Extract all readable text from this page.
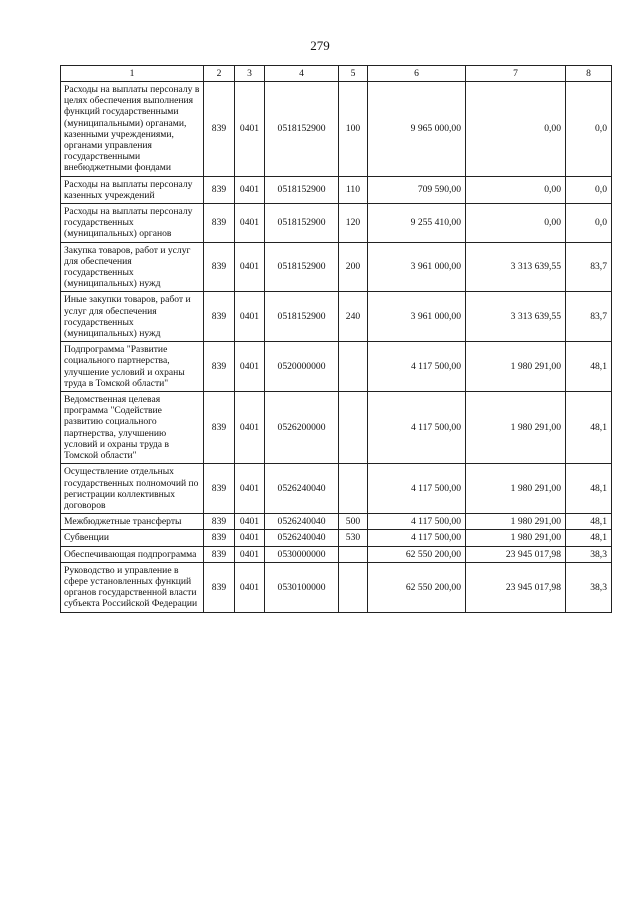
279
1	2	3	4	5	6	7	8
Расходы на выплаты персоналу в целях обеспечения выполнения функций государственными (муниципальными) органами, казенными учреждениями, органами управления государственными внебюджетными фондами	839	0401	0518152900	100	9 965 000,00	0,00	0,0
Расходы на выплаты персоналу казенных учреждений	839	0401	0518152900	110	709 590,00	0,00	0,0
Расходы на выплаты персоналу государственных (муниципальных) органов	839	0401	0518152900	120	9 255 410,00	0,00	0,0
Закупка товаров, работ и услуг для обеспечения государственных (муниципальных) нужд	839	0401	0518152900	200	3 961 000,00	3 313 639,55	83,7
Иные закупки товаров, работ и услуг для обеспечения государственных (муниципальных) нужд	839	0401	0518152900	240	3 961 000,00	3 313 639,55	83,7
Подпрограмма "Развитие социального партнерства, улучшение условий и охраны труда в Томской области"	839	0401	0520000000		4 117 500,00	1 980 291,00	48,1
Ведомственная целевая программа "Содействие развитию социального партнерства, улучшению условий и охраны труда в Томской области"	839	0401	0526200000		4 117 500,00	1 980 291,00	48,1
Осуществление отдельных государственных полномочий по регистрации коллективных договоров	839	0401	0526240040		4 117 500,00	1 980 291,00	48,1
Межбюджетные трансферты	839	0401	0526240040	500	4 117 500,00	1 980 291,00	48,1
Субвенции	839	0401	0526240040	530	4 117 500,00	1 980 291,00	48,1
Обеспечивающая подпрограмма	839	0401	0530000000		62 550 200,00	23 945 017,98	38,3
Руководство и управление в сфере установленных функций органов государственной власти субъекта Российской Федерации	839	0401	0530100000		62 550 200,00	23 945 017,98	38,3
